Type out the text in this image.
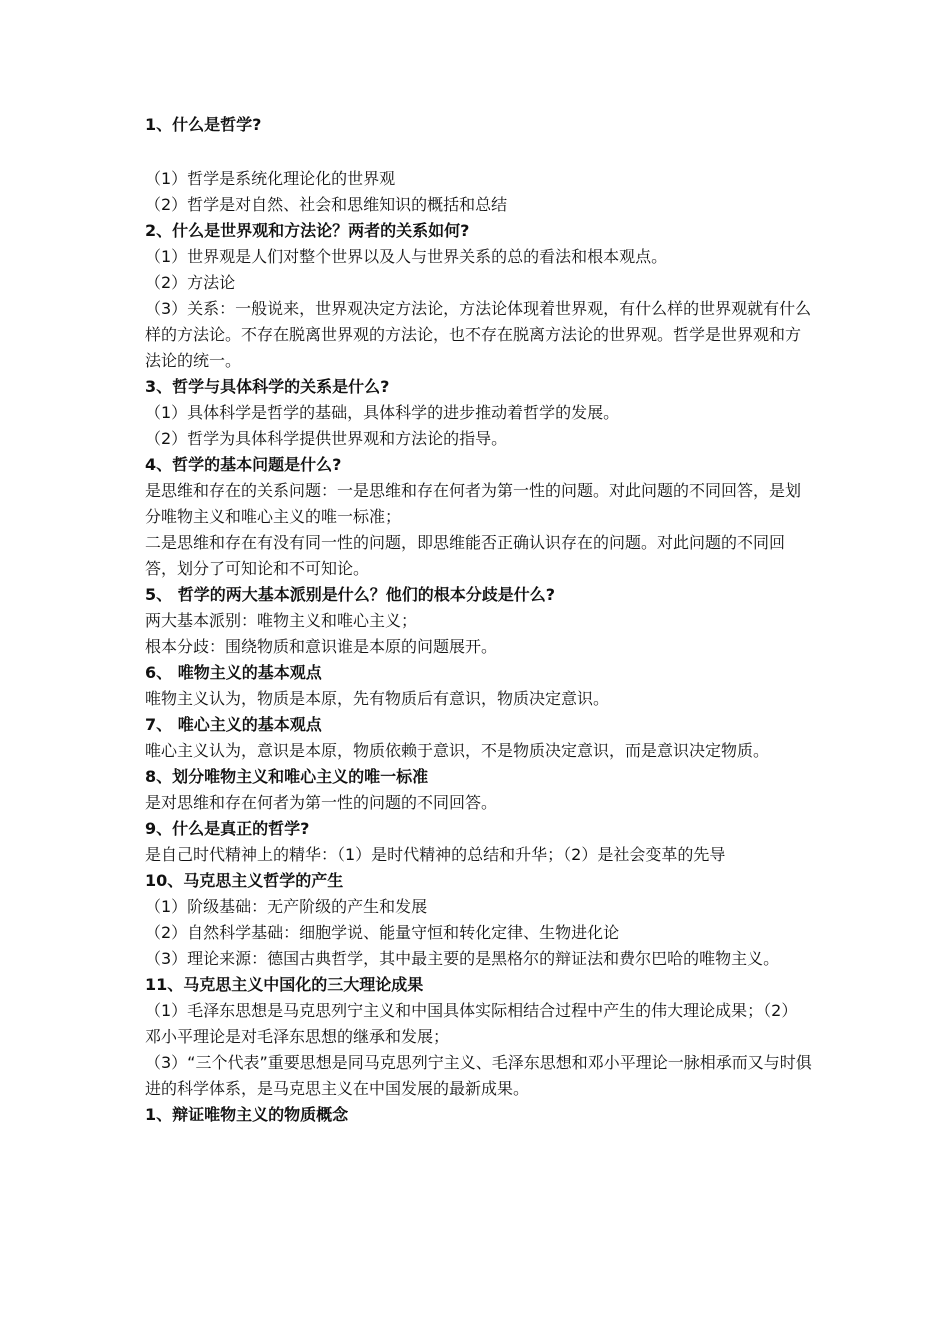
1、什么是哲学?
（1）哲学是系统化理论化的世界观
（2）哲学是对自然、社会和思维知识的概括和总结
2、什么是世界观和方法论？两者的关系如何?
（1）世界观是人们对整个世界以及人与世界关系的总的看法和根本观点。
（2）方法论
（3）关系：一般说来，世界观决定方法论，方法论体现着世界观，有什么样的世界观就有什么样的方法论。不存在脱离世界观的方法论，也不存在脱离方法论的世界观。哲学是世界观和方法论的统一。
3、哲学与具体科学的关系是什么?
（1）具体科学是哲学的基础，具体科学的进步推动着哲学的发展。
（2）哲学为具体科学提供世界观和方法论的指导。
4、哲学的基本问题是什么?
是思维和存在的关系问题：一是思维和存在何者为第一性的问题。对此问题的不同回答，是划分唯物主义和唯心主义的唯一标准；
二是思维和存在有没有同一性的问题，即思维能否正确认识存在的问题。对此问题的不同回答，划分了可知论和不可知论。
5、 哲学的两大基本派别是什么？他们的根本分歧是什么?
两大基本派别：唯物主义和唯心主义；
根本分歧：围绕物质和意识谁是本原的问题展开。
6、 唯物主义的基本观点
唯物主义认为，物质是本原，先有物质后有意识，物质决定意识。
7、 唯心主义的基本观点
唯心主义认为，意识是本原，物质依赖于意识，不是物质决定意识，而是意识决定物质。
8、划分唯物主义和唯心主义的唯一标准
是对思维和存在何者为第一性的问题的不同回答。
9、什么是真正的哲学?
是自己时代精神上的精华：（1）是时代精神的总结和升华；（2）是社会变革的先导
10、马克思主义哲学的产生
（1）阶级基础：无产阶级的产生和发展
（2）自然科学基础：细胞学说、能量守恒和转化定律、生物进化论
（3）理论来源：德国古典哲学，其中最主要的是黑格尔的辩证法和费尔巴哈的唯物主义。
11、马克思主义中国化的三大理论成果
（1）毛泽东思想是马克思列宁主义和中国具体实际相结合过程中产生的伟大理论成果；（2）邓小平理论是对毛泽东思想的继承和发展；
（3）“三个代表”重要思想是同马克思列宁主义、毛泽东思想和邓小平理论一脉相承而又与时俱进的科学体系，是马克思主义在中国发展的最新成果。
1、辩证唯物主义的物质概念
